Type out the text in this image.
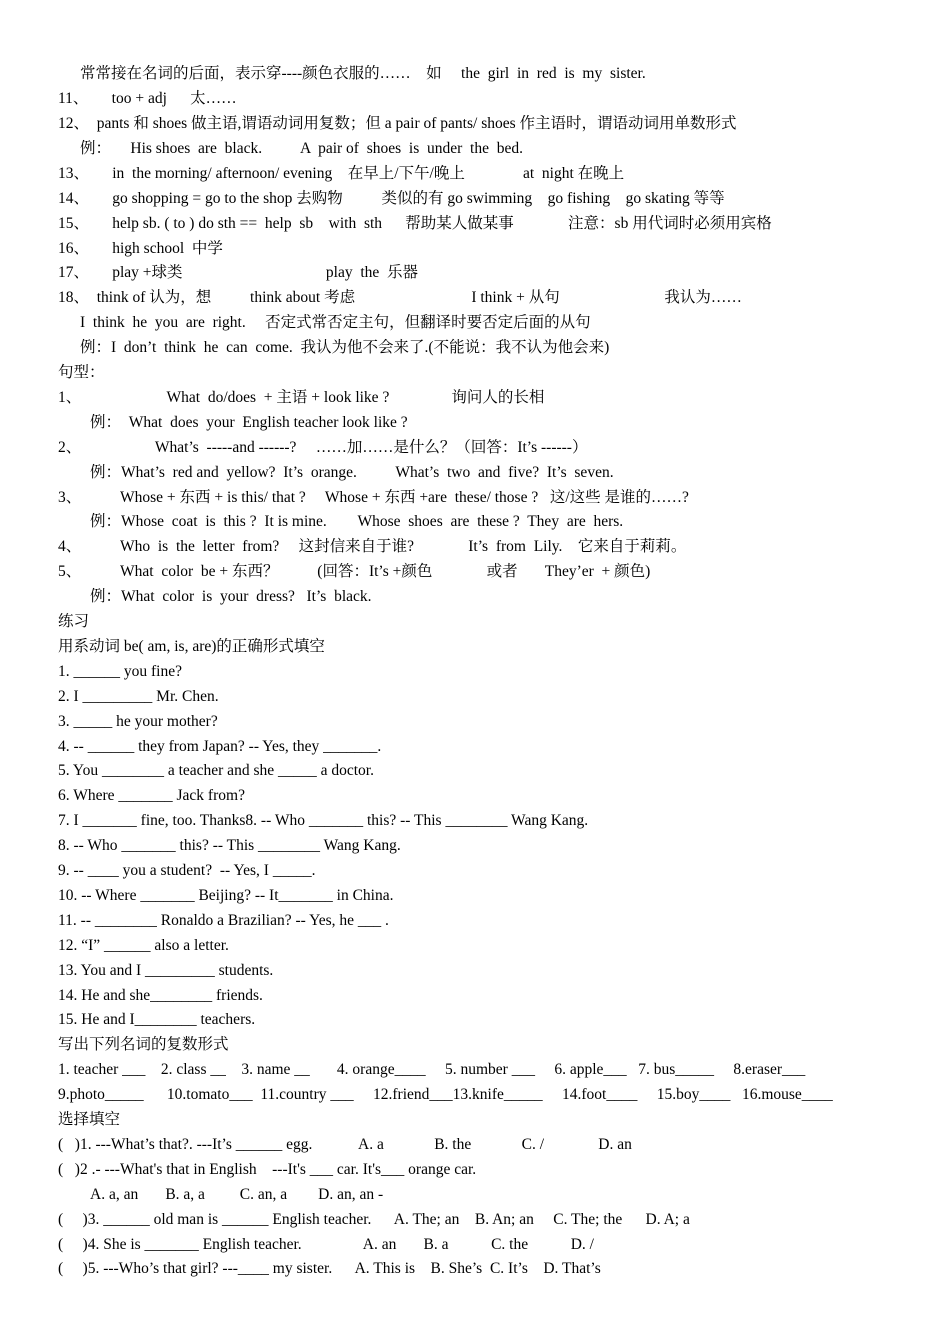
常常接在名词的后面，表示穿----颜色衣服的……    如     the  girl  in  red  is  my  sister.
11、      too + adj      太……
12、  pants 和 shoes 做主语,谓语动词用复数；但 a pair of pants/ shoes 作主语时，谓语动词用单数形式
例：     His shoes  are  black.          A  pair of  shoes  is  under  the  bed.
13、      in  the morning/ afternoon/ evening    在早上/下午/晚上               at  night 在晚上
14、      go shopping = go to the shop 去购物          类似的有 go swimming    go fishing    go skating 等等
15、      help sb. ( to ) do sth ==  help  sb    with  sth      帮助某人做某事              注意：sb 用代词时必须用宾格
16、      high school  中学
17、      play +球类                                     play  the  乐器
18、  think of 认为，想          think about 考虑                              I think + 从句                           我认为……
I  think  he  you  are  right.     否定式常否定主句，但翻译时要否定后面的从句
例：I  don’t  think  he  can  come.  我认为他不会来了.(不能说：我不认为他会来)
句型：
1、                      What  do/does  + 主语 + look like ?                询问人的长相
例：  What  does  your  English teacher look like ?
2、                   What’s  -----and ------?     ……加……是什么？（回答：It’s ------）
例：What’s  red and  yellow?  It’s  orange.          What’s  two  and  five?  It’s  seven.
3、          Whose + 东西 + is this/ that ?     Whose + 东西 +are  these/ those ?   这/这些 是谁的……?
例：Whose  coat  is  this ?  It is mine.        Whose  shoes  are  these ?  They  are  hers.
4、          Who  is  the  letter  from?     这封信来自于谁?              It’s  from  Lily.    它来自于莉莉。
5、          What  color  be + 东西？          (回答：It’s +颜色              或者       They’er  + 颜色)
例：What  color  is  your  dress?   It’s  black.
练习
用系动词 be( am, is, are)的正确形式填空
1. ______ you fine?
2. I _________ Mr. Chen.
3. _____ he your mother?
4. -- ______ they from Japan? -- Yes, they _______.
5. You ________ a teacher and she _____ a doctor.
6. Where _______ Jack from?
7. I _______ fine, too. Thanks8. -- Who _______ this? -- This ________ Wang Kang.
8. -- Who _______ this? -- This ________ Wang Kang.
9. -- ____ you a student?  -- Yes, I _____.
10. -- Where _______ Beijing? -- It_______ in China.
11. -- ________ Ronaldo a Brazilian? -- Yes, he ___ .
12. “I” ______ also a letter.
13. You and I _________ students.
14. He and she________ friends.
15. He and I________ teachers.
写出下列名词的复数形式
1. teacher ___    2. class __    3. name __       4. orange____     5. number ___     6. apple___   7. bus_____     8.eraser___
9.photo_____      10.tomato___  11.country ___     12.friend___13.knife_____     14.foot____     15.boy____   16.mouse____
选择填空
(   )1. ---What’s that?. ---It’s ______ egg.            A. a             B. the             C. /              D. an
(   )2 .- ---What's that in English    ---It's ___ car. It's___ orange car.
A. a, an       B. a, a         C. an, a        D. an, an -
(     )3. ______ old man is ______ English teacher.      A. The; an    B. An; an     C. The; the      D. A; a
(     )4. She is _______ English teacher.                A. an       B. a           C. the           D. /
(     )5. ---Who’s that girl? ---____ my sister.      A. This is    B. She’s  C. It’s    D. That’s
